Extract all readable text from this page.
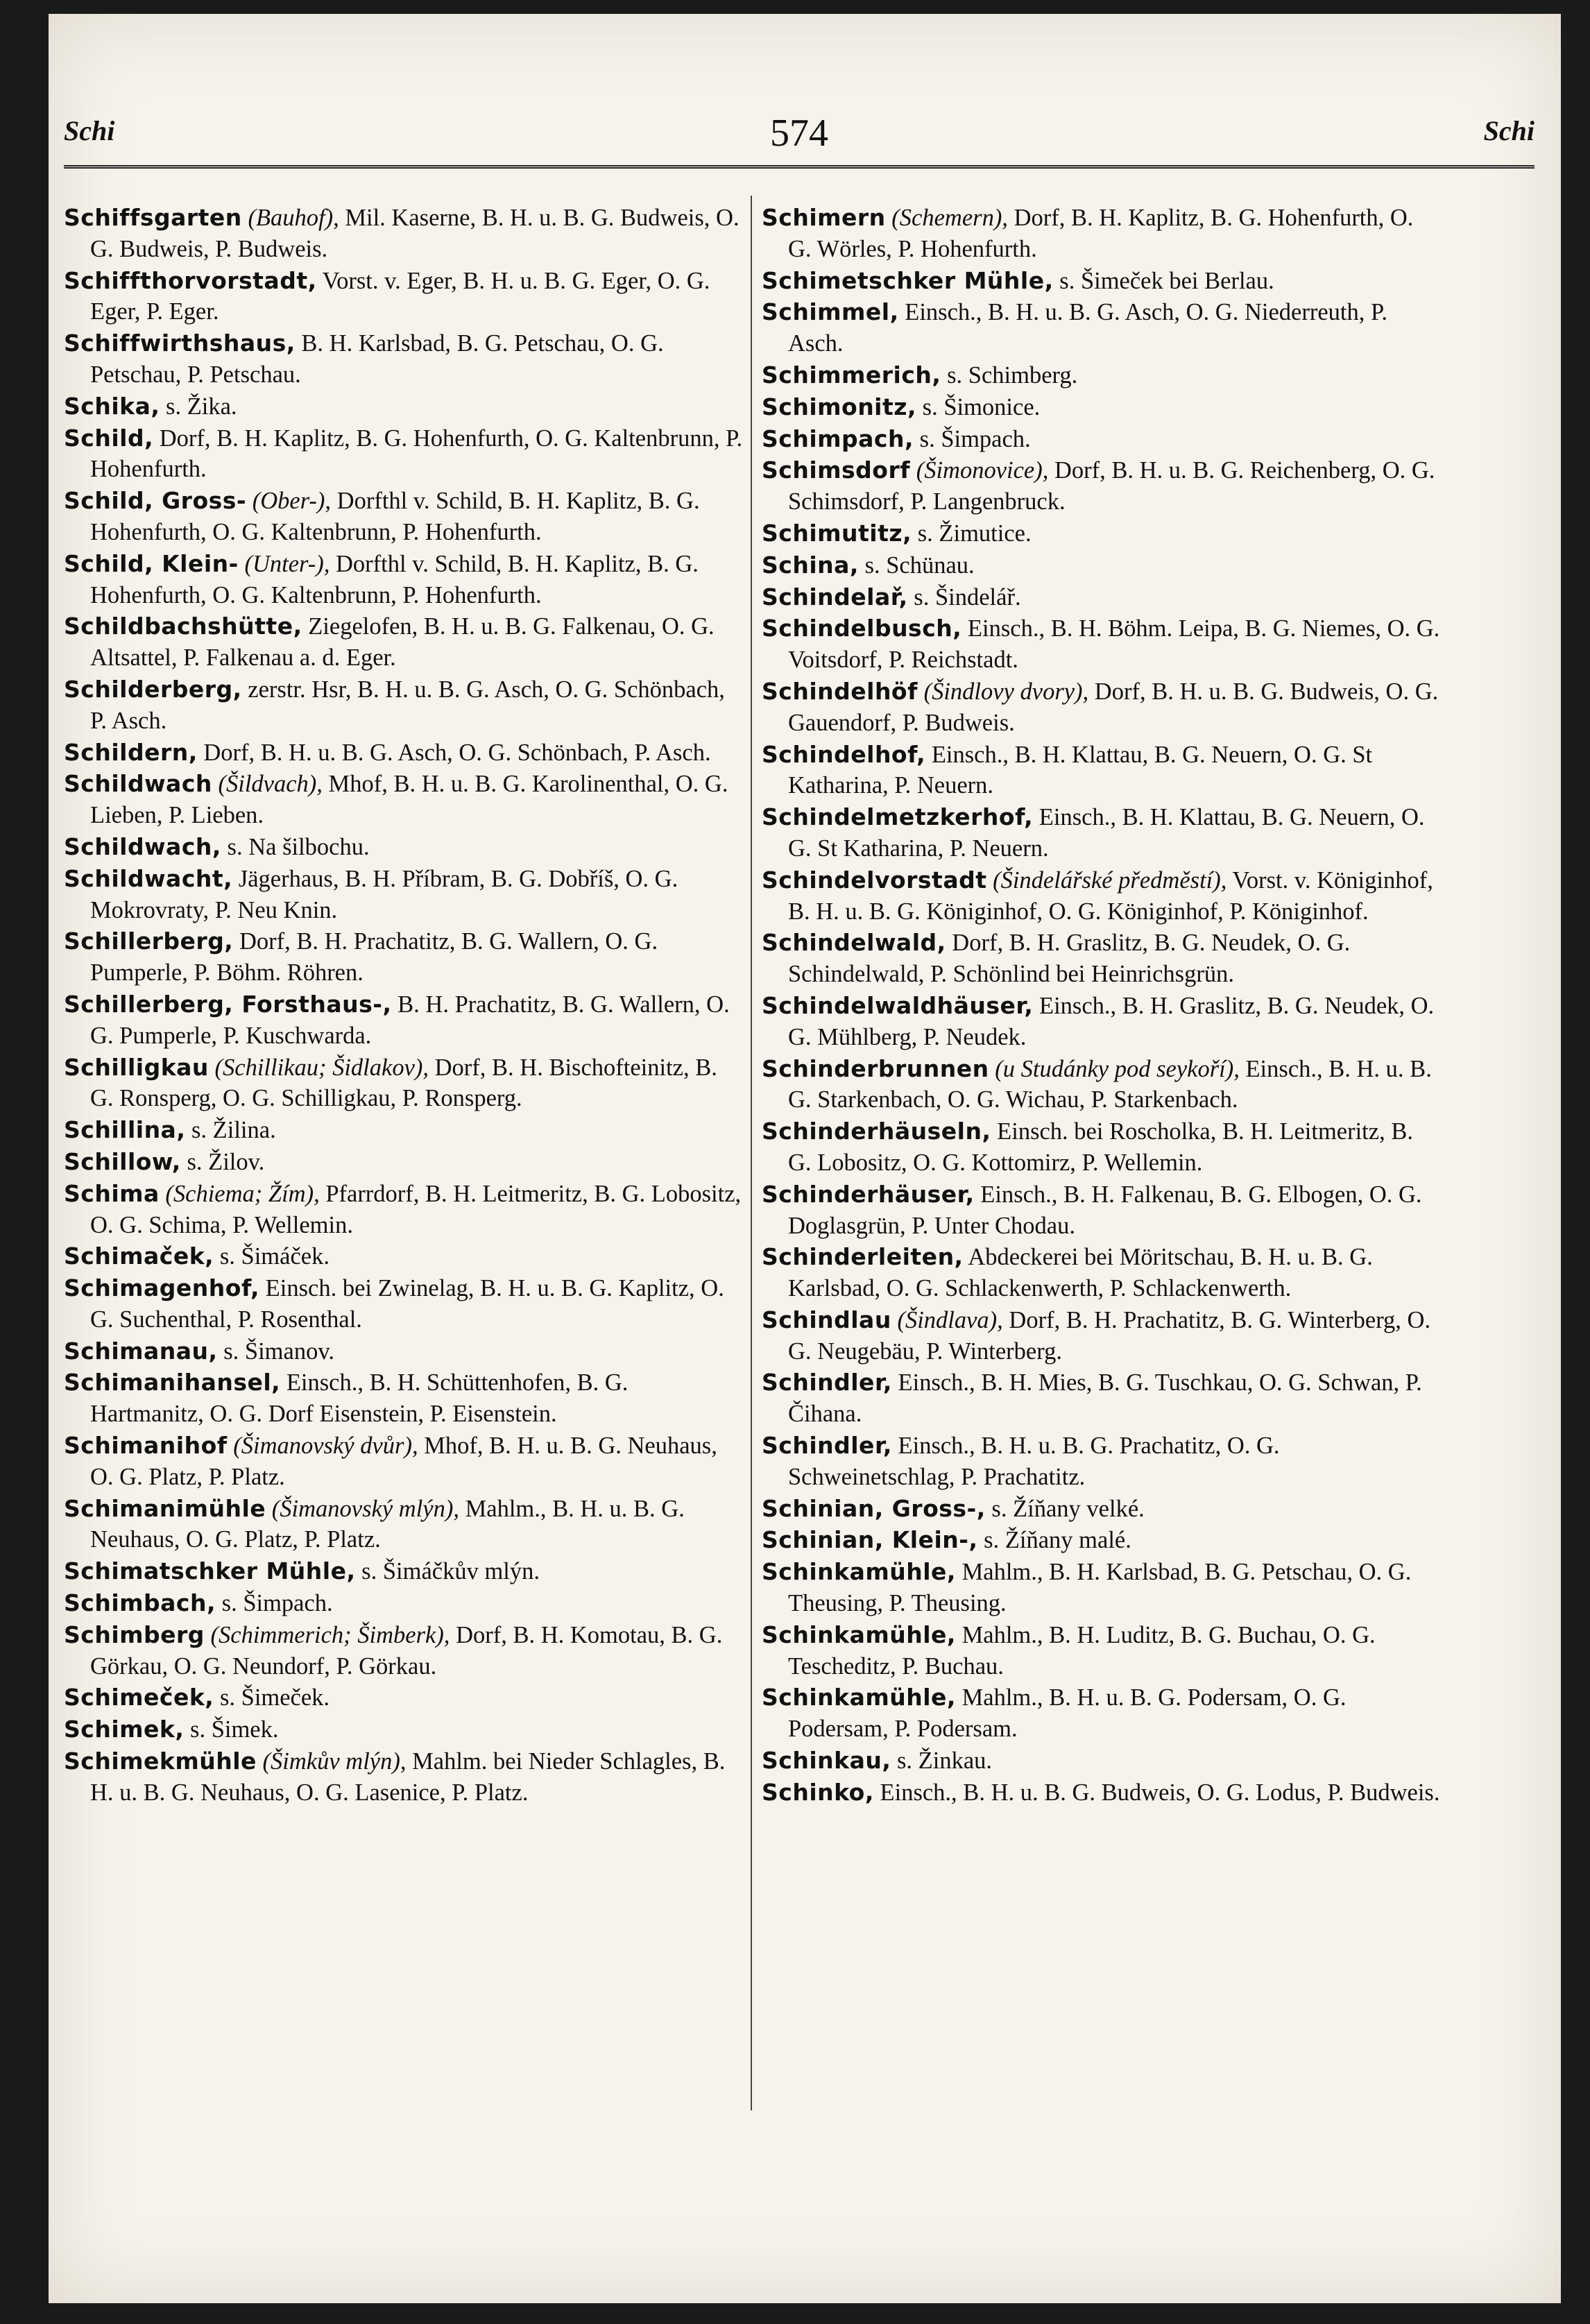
Schi	574	Schi

Schiffsgarten (Bauhof), Mil. Kaserne, B. H. u. B. G. Budweis, O. G. Budweis, P. Budweis.

Schiffthorvorstadt, Vorst. v. Eger, B. H. u. B. G. Eger, O. G. Eger, P. Eger.

Schiffwirthshaus, B. H. Karlsbad, B. G. Petschau, O. G. Petschau, P. Petschau.

Schika, s. Žika.

Schild, Dorf, B. H. Kaplitz, B. G. Hohenfurth, O. G. Kaltenbrunn, P. Hohenfurth.

Schild, Gross- (Ober-), Dorfthl v. Schild, B. H. Kaplitz, B. G. Hohenfurth, O. G. Kaltenbrunn, P. Hohenfurth.

Schild, Klein- (Unter-), Dorfthl v. Schild, B. H. Kaplitz, B. G. Hohenfurth, O. G. Kaltenbrunn, P. Hohenfurth.

Schildbachshütte, Ziegelofen, B. H. u. B. G. Falkenau, O. G. Altsattel, P. Falkenau a. d. Eger.

Schilderberg, zerstr. Hsr, B. H. u. B. G. Asch, O. G. Schönbach, P. Asch.

Schildern, Dorf, B. H. u. B. G. Asch, O. G. Schönbach, P. Asch.

Schildwach (Šildvach), Mhof, B. H. u. B. G. Karolinenthal, O. G. Lieben, P. Lieben.

Schildwach, s. Na šilbochu.

Schildwacht, Jägerhaus, B. H. Příbram, B. G. Dobříš, O. G. Mokrovraty, P. Neu Knin.

Schillerberg, Dorf, B. H. Prachatitz, B. G. Wallern, O. G. Pumperle, P. Böhm. Röhren.

Schillerberg, Forsthaus-, B. H. Prachatitz, B. G. Wallern, O. G. Pumperle, P. Kuschwarda.

Schilligkau (Schillikau; Šidlakov), Dorf, B. H. Bischofteinitz, B. G. Ronsperg, O. G. Schilligkau, P. Ronsperg.

Schillina, s. Žilina.

Schillow, s. Žilov.

Schima (Schiema; Žím), Pfarrdorf, B. H. Leitmeritz, B. G. Lobositz, O. G. Schima, P. Wellemin.

Schimaček, s. Šimáček.

Schimagenhof, Einsch. bei Zwinelag, B. H. u. B. G. Kaplitz, O. G. Suchenthal, P. Rosenthal.

Schimanau, s. Šimanov.

Schimanihansel, Einsch., B. H. Schüttenhofen, B. G. Hartmanitz, O. G. Dorf Eisenstein, P. Eisenstein.

Schimanihof (Šimanovský dvůr), Mhof, B. H. u. B. G. Neuhaus, O. G. Platz, P. Platz.

Schimanimühle (Šimanovský mlýn), Mahlm., B. H. u. B. G. Neuhaus, O. G. Platz, P. Platz.

Schimatschker Mühle, s. Šimáčkův mlýn.

Schimbach, s. Šimpach.

Schimberg (Schimmerich; Šimberk), Dorf, B. H. Komotau, B. G. Görkau, O. G. Neundorf, P. Görkau.

Schimeček, s. Šimeček.

Schimek, s. Šimek.

Schimekmühle (Šimkův mlýn), Mahlm. bei Nieder Schlagles, B. H. u. B. G. Neuhaus, O. G. Lasenice, P. Platz.

Schimern (Schemern), Dorf, B. H. Kaplitz, B. G. Hohenfurth, O. G. Wörles, P. Hohenfurth.

Schimetschker Mühle, s. Šimeček bei Berlau.

Schimmel, Einsch., B. H. u. B. G. Asch, O. G. Niederreuth, P. Asch.

Schimmerich, s. Schimberg.

Schimonitz, s. Šimonice.

Schimpach, s. Šimpach.

Schimsdorf (Šimonovice), Dorf, B. H. u. B. G. Reichenberg, O. G. Schimsdorf, P. Langenbruck.

Schimutitz, s. Žimutice.

Schina, s. Schünau.

Schindelař, s. Šindelář.

Schindelbusch, Einsch., B. H. Böhm. Leipa, B. G. Niemes, O. G. Voitsdorf, P. Reichstadt.

Schindelhöf (Šindlovy dvory), Dorf, B. H. u. B. G. Budweis, O. G. Gauendorf, P. Budweis.

Schindelhof, Einsch., B. H. Klattau, B. G. Neuern, O. G. St Katharina, P. Neuern.

Schindelmetzkerhof, Einsch., B. H. Klattau, B. G. Neuern, O. G. St Katharina, P. Neuern.

Schindelvorstadt (Šindelářské předměstí), Vorst. v. Königinhof, B. H. u. B. G. Königinhof, O. G. Königinhof, P. Königinhof.

Schindelwald, Dorf, B. H. Graslitz, B. G. Neudek, O. G. Schindelwald, P. Schönlind bei Heinrichsgrün.

Schindelwaldhäuser, Einsch., B. H. Graslitz, B. G. Neudek, O. G. Mühlberg, P. Neudek.

Schinderbrunnen (u Studánky pod seykoří), Einsch., B. H. u. B. G. Starkenbach, O. G. Wichau, P. Starkenbach.

Schinderhäuseln, Einsch. bei Roscholka, B. H. Leitmeritz, B. G. Lobositz, O. G. Kottomirz, P. Wellemin.

Schinderhäuser, Einsch., B. H. Falkenau, B. G. Elbogen, O. G. Doglasgrün, P. Unter Chodau.

Schinderleiten, Abdeckerei bei Möritschau, B. H. u. B. G. Karlsbad, O. G. Schlackenwerth, P. Schlackenwerth.

Schindlau (Šindlava), Dorf, B. H. Prachatitz, B. G. Winterberg, O. G. Neugebäu, P. Winterberg.

Schindler, Einsch., B. H. Mies, B. G. Tuschkau, O. G. Schwan, P. Čihana.

Schindler, Einsch., B. H. u. B. G. Prachatitz, O. G. Schweinetschlag, P. Prachatitz.

Schinian, Gross-, s. Žíňany velké.

Schinian, Klein-, s. Žíňany malé.

Schinkamühle, Mahlm., B. H. Karlsbad, B. G. Petschau, O. G. Theusing, P. Theusing.

Schinkamühle, Mahlm., B. H. Luditz, B. G. Buchau, O. G. Tescheditz, P. Buchau.

Schinkamühle, Mahlm., B. H. u. B. G. Podersam, O. G. Podersam, P. Podersam.

Schinkau, s. Žinkau.

Schinko, Einsch., B. H. u. B. G. Budweis, O. G. Lodus, P. Budweis.
